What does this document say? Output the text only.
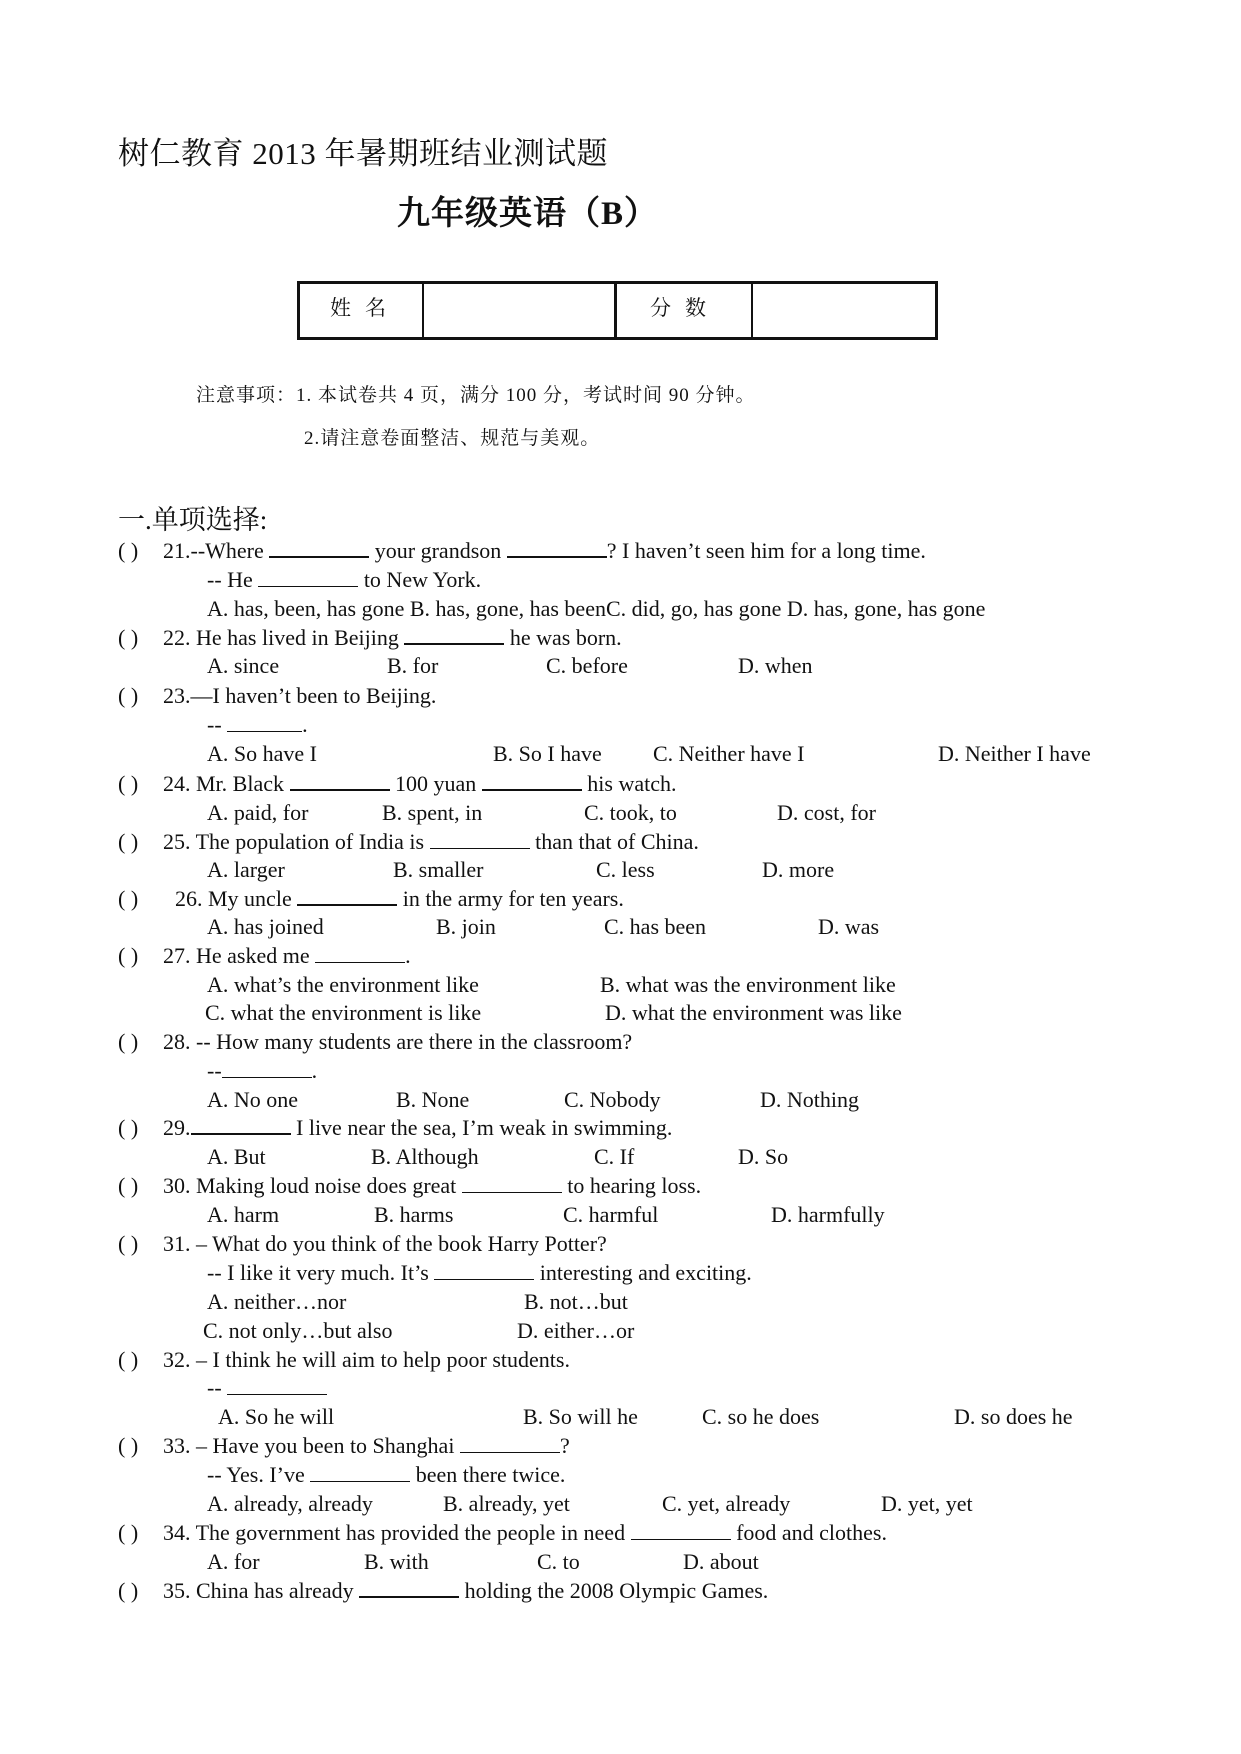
树仁教育 2013 年暑期班结业测试题
九年级英语（B）
姓名	分数
注意事项：1. 本试卷共 4 页，满分 100 分，考试时间 90 分钟。
2.请注意卷面整洁、规范与美观。
一.单项选择:
( ) 21.--Where	your grandson	? I haven’t seen him for a long time.
-- He	to New York.
A. has, been, has gone B. has, gone, has beenC. did, go, has gone D. has, gone, has gone
( ) 22. He has lived in Beijing	he was born.
A. since	B. for	C. before	D. when
( ) 23.—I haven’t been to Beijing.
--	.
A. So have I	B. So I have C. Neither have I	D. Neither I have
( ) 24. Mr. Black	100 yuan	his watch.
A. paid, for	B. spent, in	C. took, to	D. cost, for
( ) 25. The population of India is	than that of China.
A. larger	B. smaller	C. less	D. more
( ) 26. My uncle	in the army for ten years.
A. has joined	B. join	C. has been	D. was
( ) 27. He asked me	.
A. what’s the environment like	B. what was the environment like
C. what the environment is like	D. what the environment was like
( ) 28. -- How many students are there in the classroom?
--	.
A. No one	B. None	C. Nobody	D. Nothing
( ) 29.	I live near the sea, I’m weak in swimming.
A. But	B. Although	C. If	D. So
( ) 30. Making loud noise does great	to hearing loss.
A. harm	B. harms	C. harmful	D. harmfully
( ) 31. – What do you think of the book Harry Potter?
-- I like it very much. It’s	interesting and exciting.
A. neither…nor	B. not…but
C. not only…but also	D. either…or
( ) 32. – I think he will aim to help poor students.
--
A. So he will	B. So will he	C. so he does	D. so does he
( ) 33. – Have you been to Shanghai	?
-- Yes. I’ve	been there twice.
A. already, already	B. already, yet	C. yet, already	D. yet, yet
( ) 34. The government has provided the people in need	food and clothes.
A. for	B. with	C. to	D. about
( ) 35. China has already	holding the 2008 Olympic Games.
